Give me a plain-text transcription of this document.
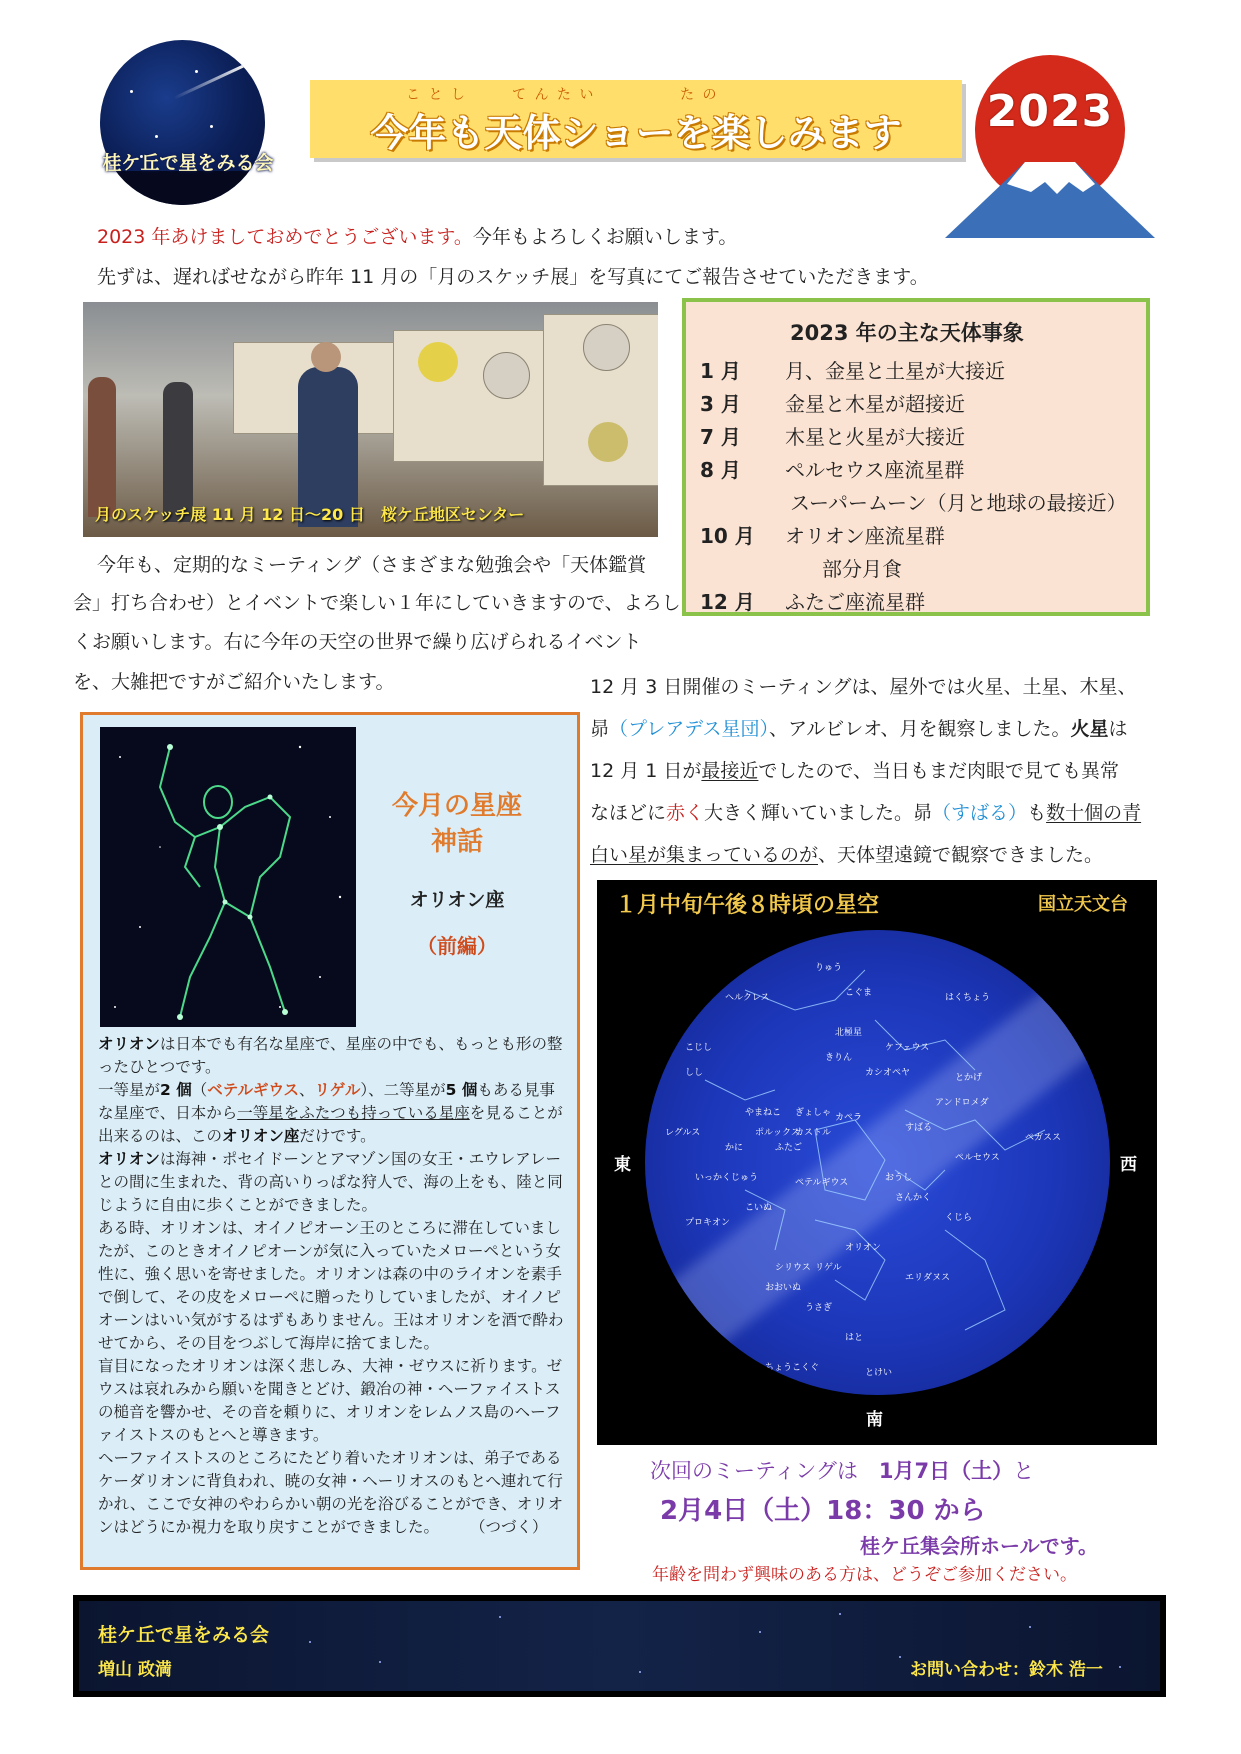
桂ケ丘で星をみる会
こ と し	て ん た い	た の
今年も天体ショーを楽しみます	2023
2023 年あけましておめでとうございます。今年もよろしくお願いします。
先ずは、遅ればせながら昨年 11 月の「月のスケッチ展」を写真にてご報告させていただきます。
月のスケッチ展 11 月 12 日～20 日　桜ケ丘地区センター
2023 年の主な天体事象
1 月 月、金星と土星が大接近
3 月 金星と木星が超接近
7 月 木星と火星が大接近
8 月 ペルセウス座流星群
スーパームーン（月と地球の最接近）
10 月 オリオン座流星群
部分月食
12 月 ふたご座流星群
今年も、定期的なミーティング（さまざまな勉強会や「天体鑑賞
会」打ち合わせ）とイベントで楽しい１年にしていきますので、よろし
くお願いします。右に今年の天空の世界で繰り広げられるイベント
を、大雑把ですがご紹介いたします。
今月の星座
神話
オリオン座
（前編）
オリオンは日本でも有名な星座で、星座の中でも、もっとも形の整ったひとつです。
一等星が2 個（ベテルギウス、リゲル）、二等星が5 個もある見事な星座で、日本から一等星をふたつも持っている星座を見ることが出来るのは、このオリオン座だけです。
オリオンは海神・ポセイドーンとアマゾン国の女王・エウレアレーとの間に生まれた、背の高いりっぱな狩人で、海の上をも、陸と同じように自由に歩くことができました。
ある時、オリオンは、オイノピオーン王のところに滞在していましたが、このときオイノピオーンが気に入っていたメローペという女性に、強く思いを寄せました。オリオンは森の中のライオンを素手で倒して、その皮をメローペに贈ったりしていましたが、オイノピオーンはいい気がするはずもありません。王はオリオンを酒で酔わせてから、その目をつぶして海岸に捨てました。
盲目になったオリオンは深く悲しみ、大神・ゼウスに祈ります。ゼウスは哀れみから願いを聞きとどけ、鍛冶の神・ヘーファイストスの槌音を響かせ、その音を頼りに、オリオンをレムノス島のヘーファイストスのもとへと導きます。
ヘーファイストスのところにたどり着いたオリオンは、弟子であるケーダリオンに背負われ、暁の女神・ヘーリオスのもとへ連れて行かれ、ここで女神のやわらかい朝の光を浴びることができ、オリオンはどうにか視力を取り戻すことができました。　　　	（つづく）
12 月 3 日開催のミーティングは、屋外では火星、土星、木星、
昴（プレアデス星団）、アルビレオ、月を観察しました。火星は
12 月 1 日が最接近でしたので、当日もまだ肉眼で見ても異常
なほどに赤く大きく輝いていました。昴（すばる）も数十個の青
白い星が集まっているのが、天体望遠鏡で観察できました。
１月中旬午後８時頃の星空	国立天文台
りゅう
こぐま	はくちょう
ヘルクレス
北極星
ケフェウス
こじし
きりん
カシオペヤ	とかげ
しし
やまねこ ぎょしゃ
アンドロメダ
ペガスス
レグルス
カペラ
ペルセウス
かに	ふたご
おうし
さんかく
ポルックス
カストル
ペテルギウス
すばる
くじら
いっかくじゅう
こいぬ
プロキオン
オリオン
リゲル
エリダヌス
シリウス
おおいぬ
うさぎ
はと
ちょうこくぐ	とけい
東	西
南
次回のミーティングは　 1月7日（土）と
2月4日（土）18：30 から
桂ケ丘集会所ホールです。
年齢を問わず興味のある方は、どうぞご参加ください。
桂ケ丘で星をみる会
増山 政満	お問い合わせ：鈴木 浩一
